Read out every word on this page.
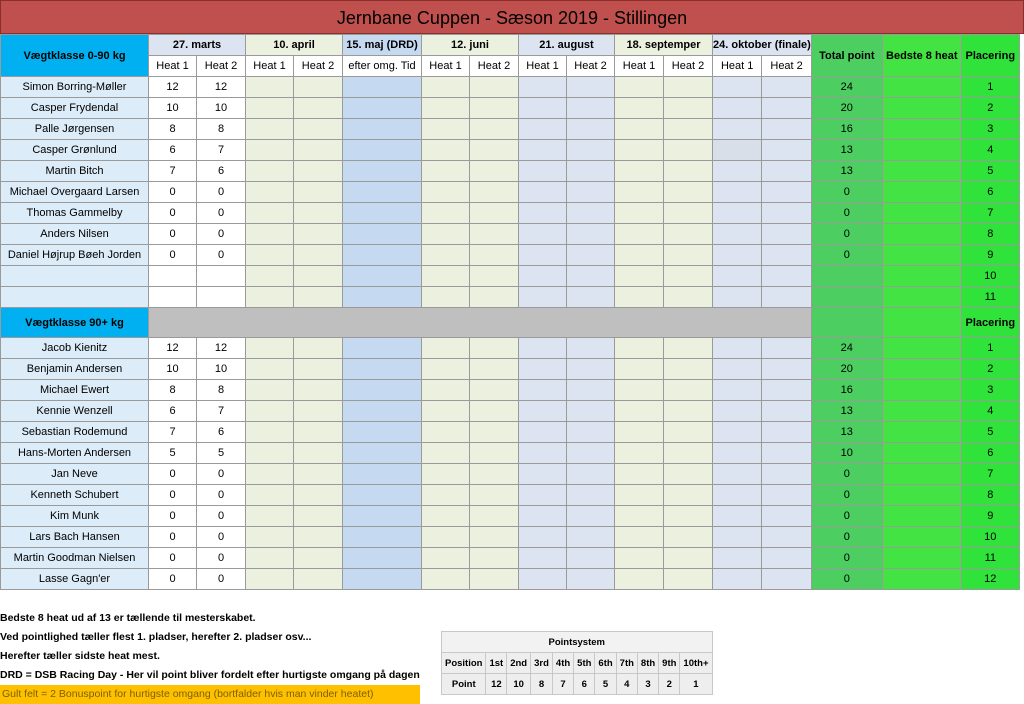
Jernbane Cuppen - Sæson 2019 - Stillingen
Vægtklasse 0-90 kg	27. marts		10. april		15. maj (DRD)	12. juni		21. august		18. septemper		24. oktober (finale)		Total point	Bedste 8 heat	Placering
	Heat 1	Heat 2	Heat 1	Heat 2	efter omg. Tid	Heat 1	Heat 2	Heat 1	Heat 2	Heat 1	Heat 2	Heat 1	Heat 2			
Simon Borring-Møller	12	12												24		1
Casper Frydendal	10	10												20		2
Palle Jørgensen	8	8												16		3
Casper Grønlund	6	7												13		4
Martin Bitch	7	6												13		5
Michael Overgaard Larsen	0	0												0		6
Thomas Gammelby	0	0												0		7
Anders Nilsen	0	0												0		8
Daniel Højrup Bøeh Jorden	0	0												0		9
																10
																11
Vægtklasse 90+ kg																Placering
Jacob Kienitz	12	12												24		1
Benjamin Andersen	10	10												20		2
Michael Ewert	8	8												16		3
Kennie Wenzell	6	7												13		4
Sebastian Rodemund	7	6												13		5
Hans-Morten Andersen	5	5												10		6
Jan Neve	0	0												0		7
Kenneth Schubert	0	0												0		8
Kim Munk	0	0												0		9
Lars Bach Hansen	0	0												0		10
Martin Goodman Nielsen	0	0												0		11
Lasse Gagn'er	0	0												0		12
Bedste 8 heat ud af 13 er tællende til mesterskabet.
Ved pointlighed tæller flest 1. pladser, herefter 2. pladser osv...
Herefter tæller sidste heat mest.
DRD = DSB Racing Day - Her vil point bliver fordelt efter hurtigste omgang på dagen
Gult felt = 2 Bonuspoint for hurtigste omgang (bortfalder hvis man vinder heatet)
Pointsystem										
Position	1st	2nd	3rd	4th	5th	6th	7th	8th	9th	10th+
Point	12	10	8	7	6	5	4	3	2	1
